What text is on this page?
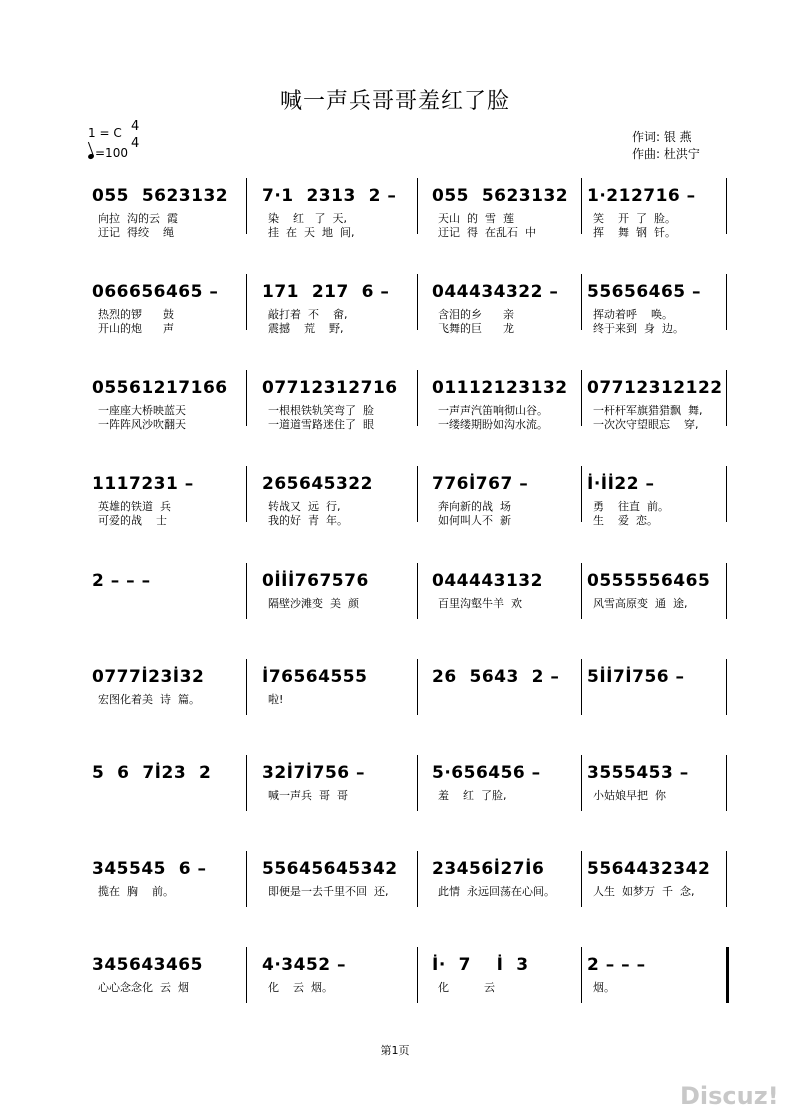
喊一声兵哥哥羞红了脸
1 = C 4
4
=100
作词: 银 燕
作曲: 杜洪宁
055  5623132
向拉  沟的云  霞
迂记  得绞    绳
7·1  2313  2 –
染    红   了  天,
挂  在  天  地  间,
055  5623132
天山  的  雪  莲
迂记  得  在乱石  中
1·212716 –
笑    开  了  脸。
挥    舞  钢  钎。
066656465 –
热烈的锣      鼓
开山的炮      声
171  217  6 –
敲打着  不    畲,
震撼    荒    野,
044434322 –
含泪的乡      亲
飞舞的巨      龙
55656465 –
挥动着呼    唤。
终于来到  身  边。
05561217166
一座座大桥映蓝天
一阵阵风沙吹翻天
07712312716
一根根铁轨笑弯了  脸
一道道雪路迷住了  眼
01112123132
一声声汽笛响彻山谷。
一缕缕期盼如沟水流。
07712312122
一杆杆军旗猎猎飘  舞,
一次次守望眼忘    穿,
1117231 –
英雄的铁道  兵
可爱的战    士
265645322
转战又  远  行,
我的好  青  年。
776İ767 –
奔向新的战  场
如何叫人不  新
İ·İİ22 –
勇    往直  前。
生    爱  恋。
2 – – –	0İİİ767576
隔壁沙滩变  美  颜
044443132
百里沟壑牛羊  欢
0555556465
风雪高原变  通  途,
0777İ23İ32
宏图化着美  诗  篇。
İ76564555
啦!
26  5643  2 – 5İİ7İ756 –
5  6  7İ23  2	32İ7İ756 –
喊一声兵  哥  哥
5·656456 –
羞    红  了脸,
3555453 –
小姑娘早把  你
345545  6 –
揽在  胸    前。
55645645342
即便是一去千里不回  还,
23456İ27İ6
此情  永远回荡在心间。
5564432342
人生  如梦万  千  念,
345643465
心心念念化  云  烟
4·3452 –
化    云  烟。
İ·  7    İ  3
化          云
2 – – –
烟。
第1页
Discuz!
